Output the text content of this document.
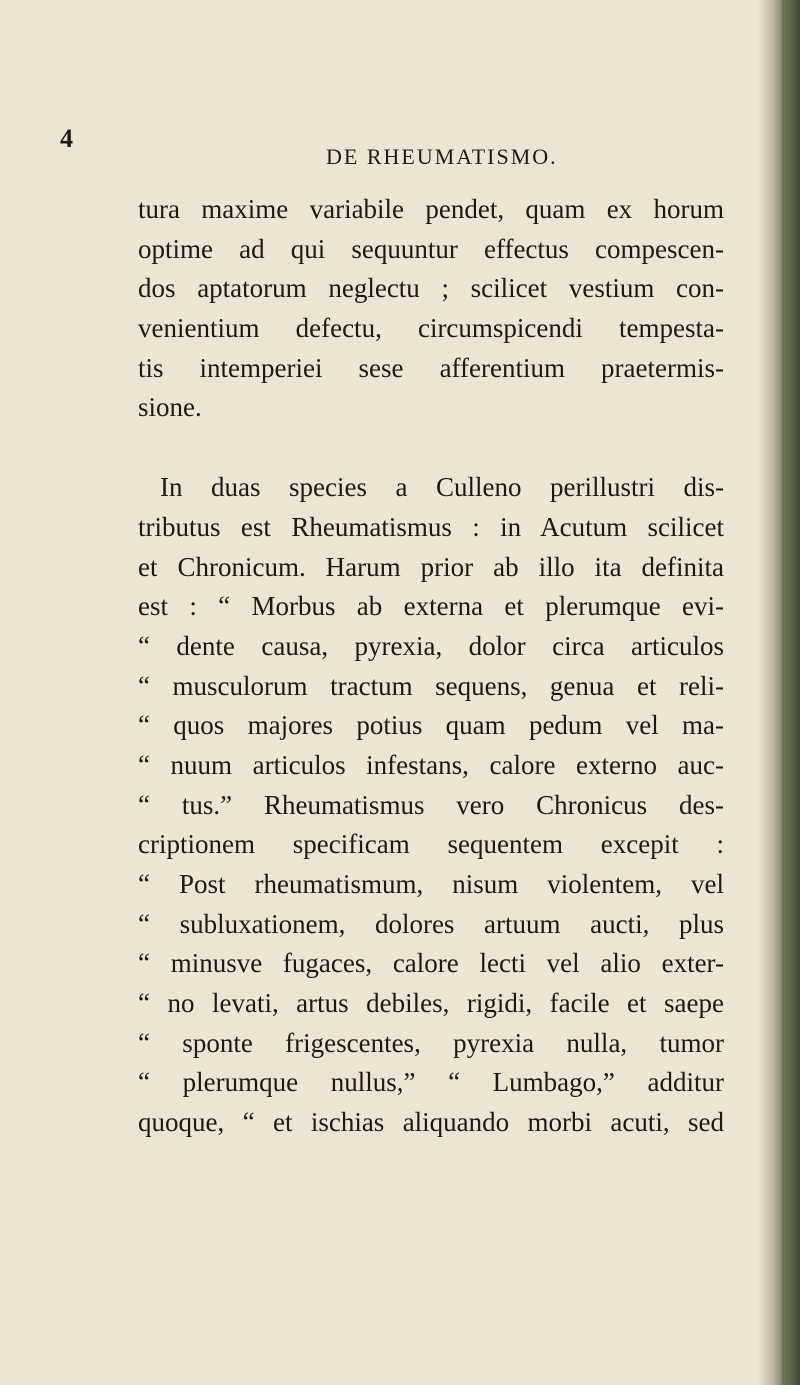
4
DE RHEUMATISMO.
tura maxime variabile pendet, quam ex horum
optime ad qui sequuntur effectus compescen-
dos aptatorum neglectu ; scilicet vestium con-
venientium defectu, circumspicendi tempesta-
tis intemperiei sese afferentium praetermis-
sione.
In duas species a Culleno perillustri dis-
tributus est Rheumatismus : in Acutum scilicet
et Chronicum. Harum prior ab illo ita definita
est : “ Morbus ab externa et plerumque evi-
“ dente causa, pyrexia, dolor circa articulos
“ musculorum tractum sequens, genua et reli-
“ quos majores potius quam pedum vel ma-
“ nuum articulos infestans, calore externo auc-
“ tus.” Rheumatismus vero Chronicus des-
criptionem specificam sequentem excepit :
“ Post rheumatismum, nisum violentem, vel
“ subluxationem, dolores artuum aucti, plus
“ minusve fugaces, calore lecti vel alio exter-
“ no levati, artus debiles, rigidi, facile et saepe
“ sponte frigescentes, pyrexia nulla, tumor
“ plerumque nullus,” “ Lumbago,” additur
quoque, “ et ischias aliquando morbi acuti, sed
